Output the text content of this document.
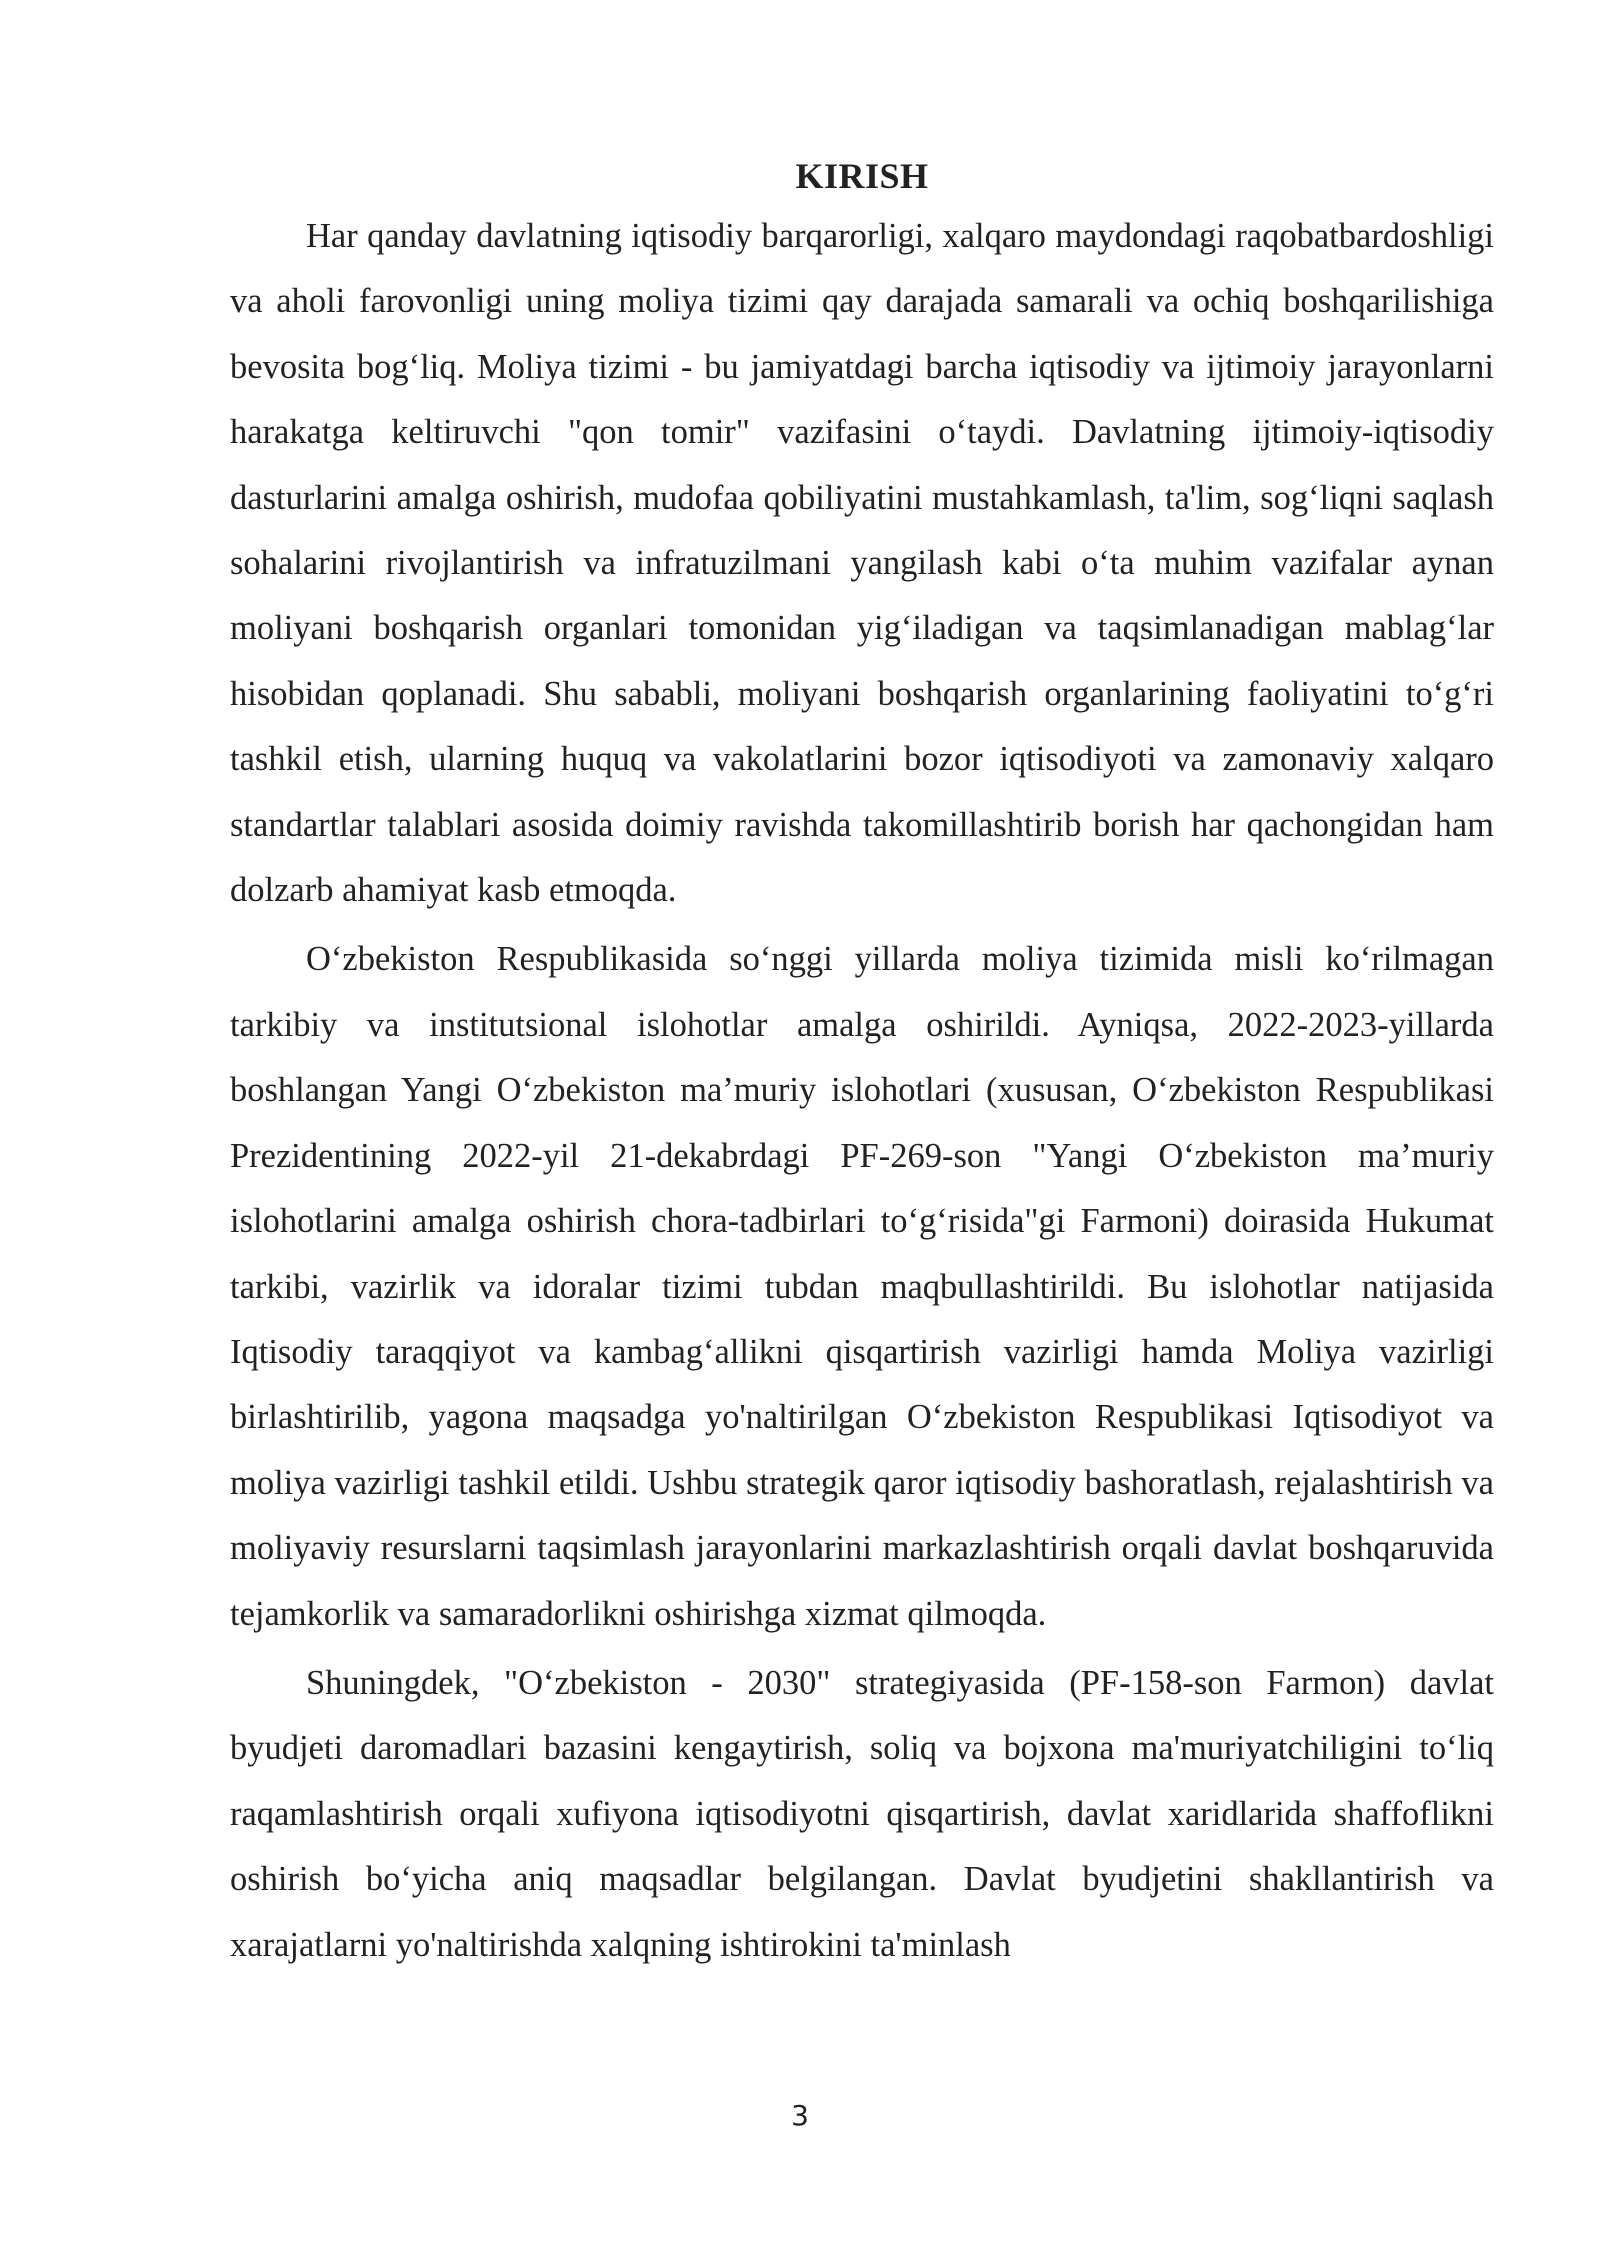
KIRISH

Har qanday davlatning iqtisodiy barqarorligi, xalqaro maydondagi raqobatbardoshligi va aholi farovonligi uning moliya tizimi qay darajada samarali va ochiq boshqarilishiga bevosita bog‘liq. Moliya tizimi - bu jamiyatdagi barcha iqtisodiy va ijtimoiy jarayonlarni harakatga keltiruvchi "qon tomir" vazifasini o‘taydi. Davlatning ijtimoiy-iqtisodiy dasturlarini amalga oshirish, mudofaa qobiliyatini mustahkamlash, ta'lim, sog‘liqni saqlash sohalarini rivojlantirish va infratuzilmani yangilash kabi o‘ta muhim vazifalar aynan moliyani boshqarish organlari tomonidan yig‘iladigan va taqsimlanadigan mablag‘lar hisobidan qoplanadi. Shu sababli, moliyani boshqarish organlarining faoliyatini to‘g‘ri tashkil etish, ularning huquq va vakolatlarini bozor iqtisodiyoti va zamonaviy xalqaro standartlar talablari asosida doimiy ravishda takomillashtirib borish har qachongidan ham dolzarb ahamiyat kasb etmoqda.

O‘zbekiston Respublikasida so‘nggi yillarda moliya tizimida misli ko‘rilmagan tarkibiy va institutsional islohotlar amalga oshirildi. Ayniqsa, 2022-2023-yillarda boshlangan Yangi O‘zbekiston ma’muriy islohotlari (xususan, O‘zbekiston Respublikasi Prezidentining 2022-yil 21-dekabrdagi PF-269-son "Yangi O‘zbekiston ma’muriy islohotlarini amalga oshirish chora-tadbirlari to‘g‘risida"gi Farmoni) doirasida Hukumat tarkibi, vazirlik va idoralar tizimi tubdan maqbullashtirildi. Bu islohotlar natijasida Iqtisodiy taraqqiyot va kambag‘allikni qisqartirish vazirligi hamda Moliya vazirligi birlashtirilib, yagona maqsadga yo'naltirilgan O‘zbekiston Respublikasi Iqtisodiyot va moliya vazirligi tashkil etildi. Ushbu strategik qaror iqtisodiy bashoratlash, rejalashtirish va moliyaviy resurslarni taqsimlash jarayonlarini markazlashtirish orqali davlat boshqaruvida tejamkorlik va samaradorlikni oshirishga xizmat qilmoqda.

Shuningdek, "O‘zbekiston - 2030" strategiyasida (PF-158-son Farmon) davlat byudjeti daromadlari bazasini kengaytirish, soliq va bojxona ma'muriyatchiligini to‘liq raqamlashtirish orqali xufiyona iqtisodiyotni qisqartirish, davlat xaridlarida shaffoflikni oshirish bo‘yicha aniq maqsadlar belgilangan. Davlat byudjetini shakllantirish va xarajatlarni yo'naltirishda xalqning ishtirokini ta'minlash

3
